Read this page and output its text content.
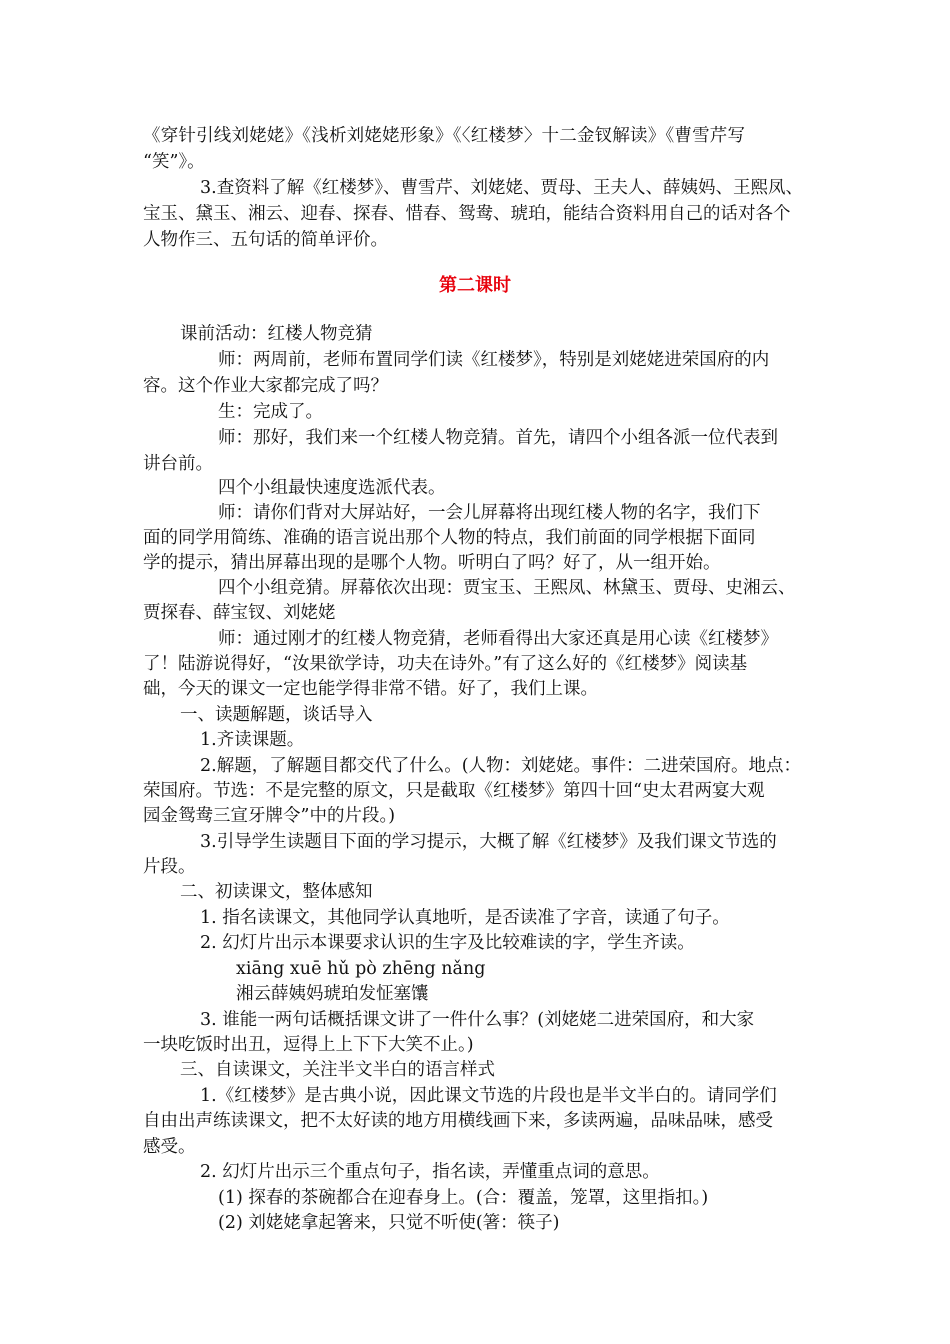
《穿针引线刘姥姥》《浅析刘姥姥形象》《〈红楼梦〉十二金钗解读》《曹雪芹写
“笑”》。
3.查资料了解《红楼梦》、曹雪芹、刘姥姥、贾母、王夫人、薛姨妈、王熙凤、
宝玉、黛玉、湘云、迎春、探春、惜春、鸳鸯、琥珀，能结合资料用自己的话对各个
人物作三、五句话的简单评价。
第二课时
课前活动：红楼人物竞猜
师：两周前，老师布置同学们读《红楼梦》，特别是刘姥姥进荣国府的内
容。这个作业大家都完成了吗？
生：完成了。
师：那好，我们来一个红楼人物竞猜。首先，请四个小组各派一位代表到
讲台前。
四个小组最快速度选派代表。
师：请你们背对大屏站好，一会儿屏幕将出现红楼人物的名字，我们下
面的同学用简练、准确的语言说出那个人物的特点，我们前面的同学根据下面同
学的提示，猜出屏幕出现的是哪个人物。听明白了吗？好了，从一组开始。
四个小组竞猜。屏幕依次出现：贾宝玉、王熙凤、林黛玉、贾母、史湘云、
贾探春、薛宝钗、刘姥姥
师：通过刚才的红楼人物竞猜，老师看得出大家还真是用心读《红楼梦》
了！陆游说得好，“汝果欲学诗，功夫在诗外。”有了这么好的《红楼梦》阅读基
础，今天的课文一定也能学得非常不错。好了，我们上课。
一、读题解题，谈话导入
1.齐读课题。
2.解题，了解题目都交代了什么。(人物：刘姥姥。事件：二进荣国府。地点：
荣国府。节选：不是完整的原文，只是截取《红楼梦》第四十回“史太君两宴大观
园金鸳鸯三宣牙牌令”中的片段。)
3.引导学生读题目下面的学习提示，大概了解《红楼梦》及我们课文节选的
片段。
二、初读课文，整体感知
1. 指名读课文，其他同学认真地听，是否读准了字音，读通了句子。
2. 幻灯片出示本课要求认识的生字及比较难读的字，学生齐读。
xiāng xuē hǔ pò zhēng nǎng
湘云薛姨妈琥珀发怔塞馕
3. 谁能一两句话概括课文讲了一件什么事？(刘姥姥二进荣国府，和大家
一块吃饭时出丑，逗得上上下下大笑不止。)
三、自读课文，关注半文半白的语言样式
1.《红楼梦》是古典小说，因此课文节选的片段也是半文半白的。请同学们
自由出声练读课文，把不太好读的地方用横线画下来，多读两遍，品味品味，感受
感受。
2. 幻灯片出示三个重点句子，指名读，弄懂重点词的意思。
(1) 探春的茶碗都合在迎春身上。(合：覆盖，笼罩，这里指扣。)
(2) 刘姥姥拿起箸来，只觉不听使(箸：筷子)
